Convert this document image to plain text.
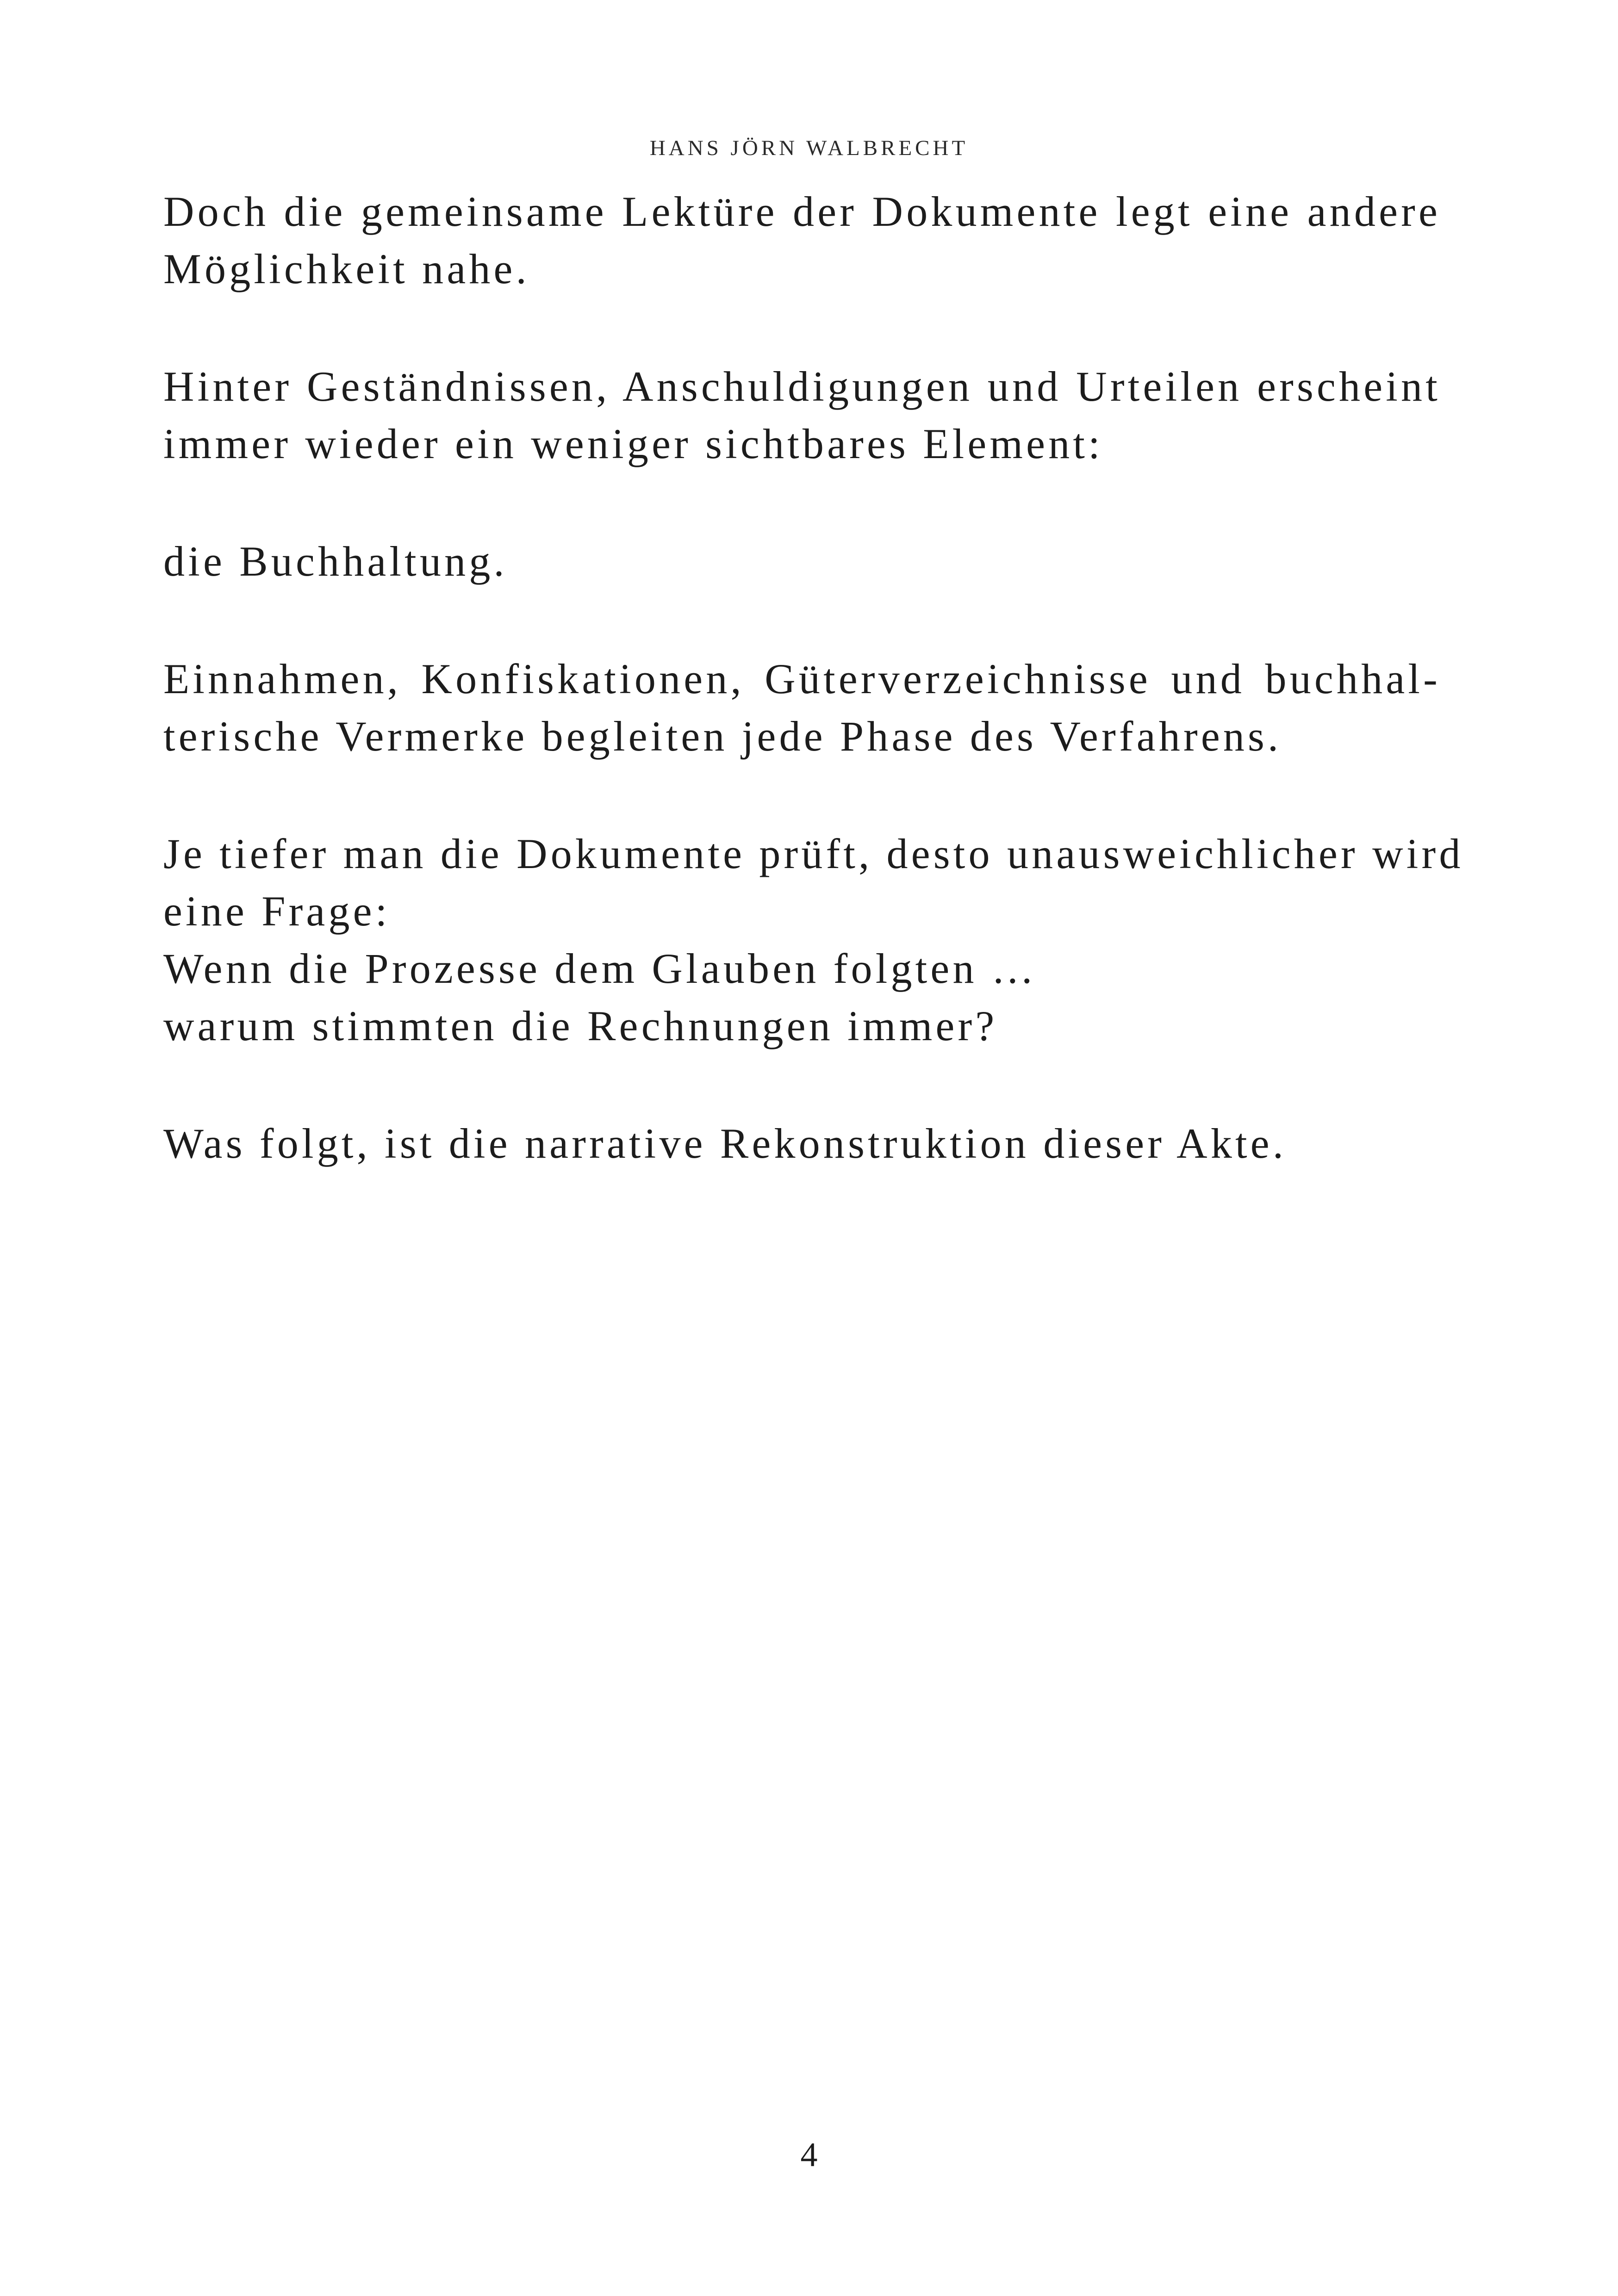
HANS JÖRN WALBRECHT
Doch die gemeinsame Lektüre der Dokumente legt eine andere
Möglichkeit nahe.
Hinter Geständnissen, Anschuldigungen und Urteilen erscheint
immer wieder ein weniger sichtbares Element:
die Buchhaltung.
Einnahmen, Konfiskationen, Güterverzeichnisse und buchhal-
terische Vermerke begleiten jede Phase des Verfahrens.
Je tiefer man die Dokumente prüft, desto unausweichlicher wird
eine Frage:
Wenn die Prozesse dem Glauben folgten …
warum stimmten die Rechnungen immer?
Was folgt, ist die narrative Rekonstruktion dieser Akte.
4
